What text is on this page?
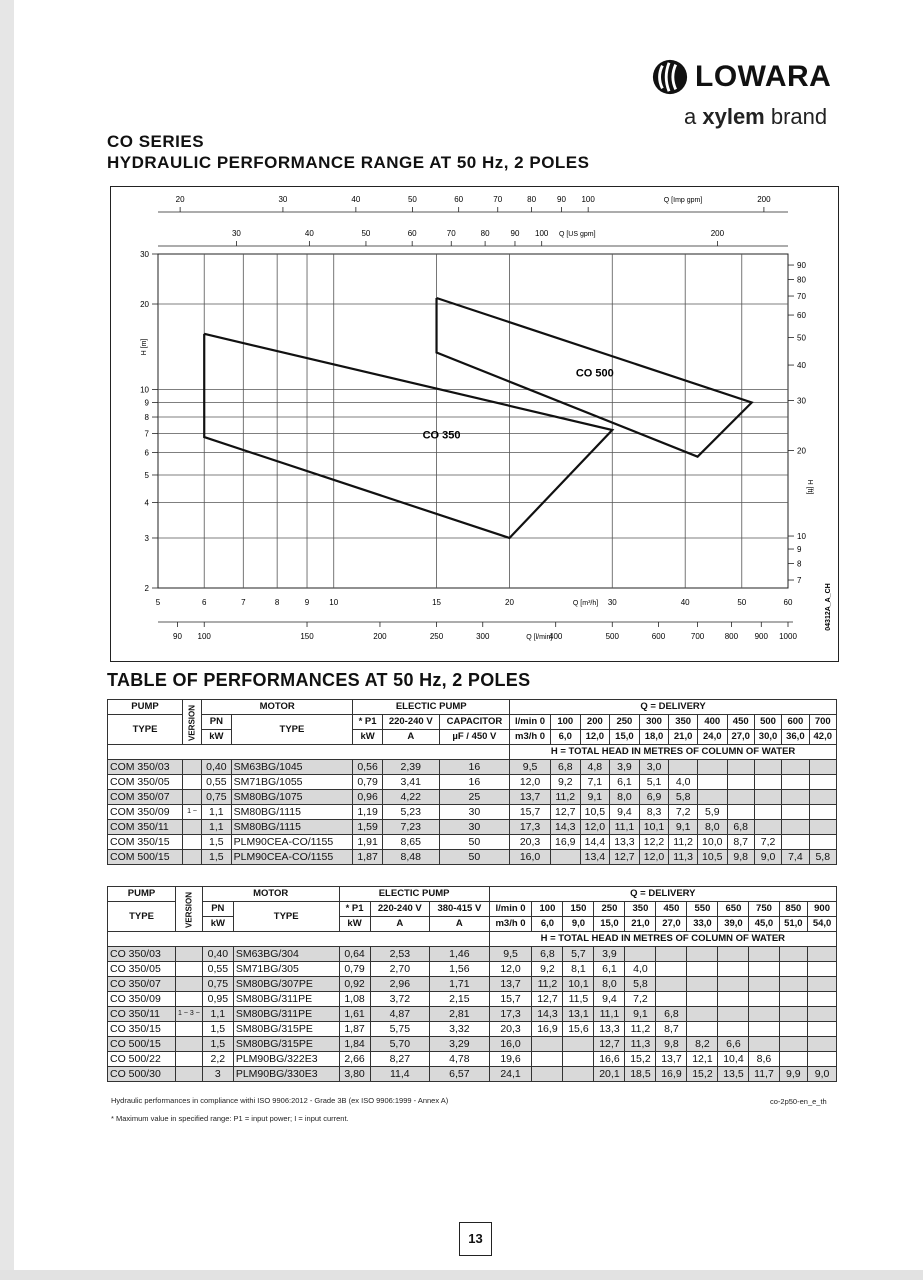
LOWARA
a xylem brand
CO SERIES
HYDRAULIC PERFORMANCE RANGE AT 50 Hz, 2 POLES
5	6	7	8	9	10	15	20	30	40	50	60
30
20
10
9
8
7
6
5
4
3
2
H [m]
90
80
70
60
50
40
30
20
10
9
8
7
H [ft]
Q [m³/h]
90 100	150	200	250	300	400	500	600	700	800 900 1000
Q [l/min]
30	40	50	60	70	80	90 100	200
Q [US gpm]
20	30	40	50	60	70	80	90 100	200
Q [Imp gpm]
CO 350
CO 500
04312A_A_CH
TABLE OF PERFORMANCES AT 50 Hz, 2 POLES
PUMP	VERSION	MOTOR		ELECTIC PUMP			Q = DELIVERY										
TYPE		PN	TYPE	* P1	220-240 V	CAPACITOR	l/min 0	100	200	250	300	350	400	450	500	600	700
		kW		kW	A	µF / 450 V	m3/h 0	6,0	12,0	15,0	18,0	21,0	24,0	27,0	30,0	36,0	42,0
							H = TOTAL HEAD IN METRES OF COLUMN OF WATER										
COM 350/03		0,40	SM63BG/1045	0,56	2,39	16	9,5	6,8	4,8	3,9	3,0						
COM 350/05		0,55	SM71BG/1055	0,79	3,41	16	12,0	9,2	7,1	6,1	5,1	4,0					
COM 350/07		0,75	SM80BG/1075	0,96	4,22	25	13,7	11,2	9,1	8,0	6,9	5,8					
COM 350/09	1 ~	1,1	SM80BG/1115	1,19	5,23	30	15,7	12,7	10,5	9,4	8,3	7,2	5,9				
COM 350/11		1,1	SM80BG/1115	1,59	7,23	30	17,3	14,3	12,0	11,1	10,1	9,1	8,0	6,8			
COM 350/15		1,5	PLM90CEA-CO/1155	1,91	8,65	50	20,3	16,9	14,4	13,3	12,2	11,2	10,0	8,7	7,2		
COM 500/15		1,5	PLM90CEA-CO/1155	1,87	8,48	50	16,0		13,4	12,7	12,0	11,3	10,5	9,8	9,0	7,4	5,8
PUMP	VERSION	MOTOR		ELECTIC PUMP			Q = DELIVERY										
TYPE		PN	TYPE	* P1	220-240 V	380-415 V	l/min 0	100	150	250	350	450	550	650	750	850	900
		kW		kW	A	A	m3/h 0	6,0	9,0	15,0	21,0	27,0	33,0	39,0	45,0	51,0	54,0
							H = TOTAL HEAD IN METRES OF COLUMN OF WATER										
CO 350/03		0,40	SM63BG/304	0,64	2,53	1,46	9,5	6,8	5,7	3,9							
CO 350/05		0,55	SM71BG/305	0,79	2,70	1,56	12,0	9,2	8,1	6,1	4,0						
CO 350/07		0,75	SM80BG/307PE	0,92	2,96	1,71	13,7	11,2	10,1	8,0	5,8						
CO 350/09		0,95	SM80BG/311PE	1,08	3,72	2,15	15,7	12,7	11,5	9,4	7,2						
CO 350/11	1 ~ 3 ~	1,1	SM80BG/311PE	1,61	4,87	2,81	17,3	14,3	13,1	11,1	9,1	6,8					
CO 350/15		1,5	SM80BG/315PE	1,87	5,75	3,32	20,3	16,9	15,6	13,3	11,2	8,7					
CO 500/15		1,5	SM80BG/315PE	1,84	5,70	3,29	16,0			12,7	11,3	9,8	8,2	6,6			
CO 500/22		2,2	PLM90BG/322E3	2,66	8,27	4,78	19,6			16,6	15,2	13,7	12,1	10,4	8,6		
CO 500/30		3	PLM90BG/330E3	3,80	11,4	6,57	24,1			20,1	18,5	16,9	15,2	13,5	11,7	9,9	9,0
Hydraulic performances in compliance withi ISO 9906:2012 - Grade 3B (ex ISO 9906:1999 - Annex A)	co-2p50-en_e_th
* Maximum value in specified range: P1 = input power; I = input current.
13
